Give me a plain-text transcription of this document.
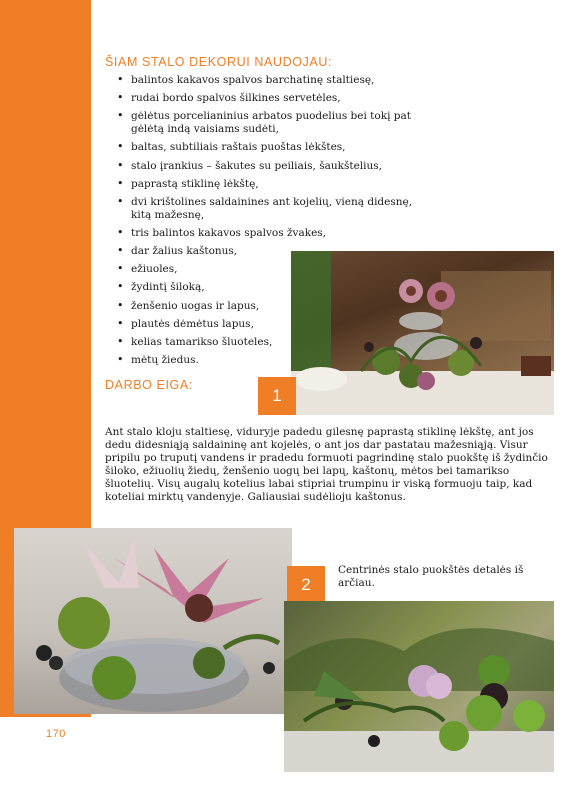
170
ŠIAM STALO DEKORUI NAUDOJAU:
• balintos kakavos spalvos barchatinę staltiesę,
• rudai bordo spalvos šilkines servetėles,
• gėlėtus porcelianinius arbatos puodelius bei tokį pat gėlėtą indą vaisiams sudėti,
• baltas, subtiliais raštais puoštas lėkštes,
• stalo įrankius – šakutes su peiliais, šaukštelius,
• paprastą stiklinę lėkštę,
• dvi krištolines saldainines ant kojelių, vieną didesnę, kitą mažesnę,
• tris balintos kakavos spalvos žvakes,
• dar žalius kaštonus,
• ežiuoles,
• žydintį šiloką,
• ženšenio uogas ir lapus,
• plautės dėmėtus lapus,
• kelias tamarikso šluoteles,
• mėtų žiedus.
1
DARBO EIGA:

Ant stalo kloju staltiesę, viduryje padedu gilesnę paprastą stiklinę lėkštę, ant jos dedu didesniąją saldaininę ant kojelės, o ant jos dar pastatau mažesniąją. Visur pripilu po truputį vandens ir pradedu formuoti pagrindinę stalo puokštę iš žydinčio šiloko, ežiuolių žiedų, ženšenio uogų bei lapų, kaštonų, mėtos bei tamarikso šluotelių. Visų augalų kotelius labai stipriai trumpinu ir viską formuoju taip, kad koteliai mirktų vandenyje. Galiausiai sudėlioju kaštonus.

2

Centrinės stalo puokštės detalės iš arčiau.
